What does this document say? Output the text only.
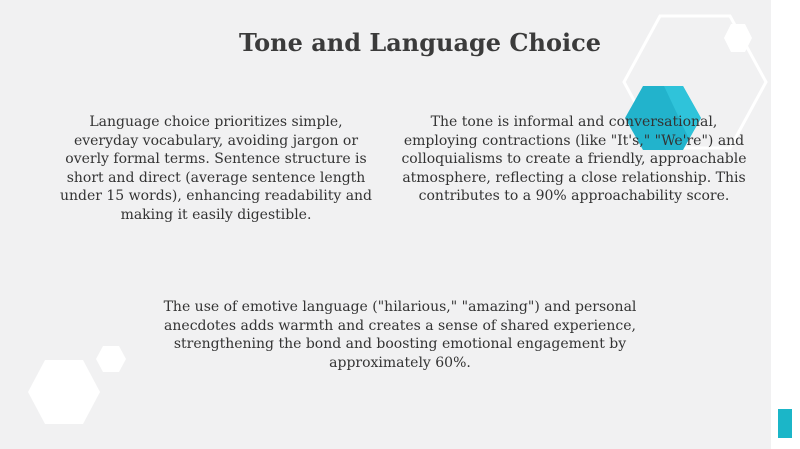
Tone and Language Choice

Language choice prioritizes simple, everyday vocabulary, avoiding jargon or overly formal terms. Sentence structure is short and direct (average sentence length under 15 words), enhancing readability and making it easily digestible.

The tone is informal and conversational, employing contractions (like "It's," "We're") and colloquialisms to create a friendly, approachable atmosphere, reflecting a close relationship. This contributes to a 90% approachability score.

The use of emotive language ("hilarious," "amazing") and personal anecdotes adds warmth and creates a sense of shared experience, strengthening the bond and boosting emotional engagement by approximately 60%.
